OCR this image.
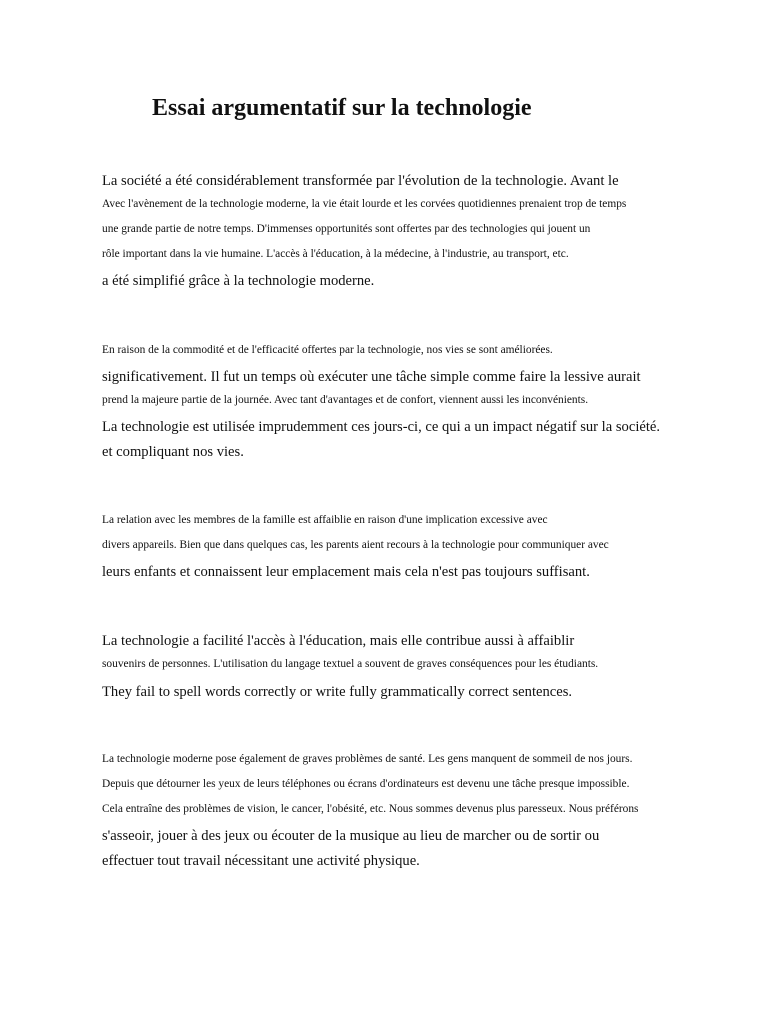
Essai argumentatif sur la technologie

La société a été considérablement transformée par l'évolution de la technologie. Avant le

Avec l'avènement de la technologie moderne, la vie était lourde et les corvées quotidiennes prenaient trop de temps

une grande partie de notre temps. D'immenses opportunités sont offertes par des technologies qui jouent un

rôle important dans la vie humaine. L'accès à l'éducation, à la médecine, à l'industrie, au transport, etc.

a été simplifié grâce à la technologie moderne.

En raison de la commodité et de l'efficacité offertes par la technologie, nos vies se sont améliorées.

significativement. Il fut un temps où exécuter une tâche simple comme faire la lessive aurait

prend la majeure partie de la journée. Avec tant d'avantages et de confort, viennent aussi les inconvénients.

La technologie est utilisée imprudemment ces jours-ci, ce qui a un impact négatif sur la société.

et compliquant nos vies.

La relation avec les membres de la famille est affaiblie en raison d'une implication excessive avec

divers appareils. Bien que dans quelques cas, les parents aient recours à la technologie pour communiquer avec

leurs enfants et connaissent leur emplacement mais cela n'est pas toujours suffisant.

La technologie a facilité l'accès à l'éducation, mais elle contribue aussi à affaiblir

souvenirs de personnes. L'utilisation du langage textuel a souvent de graves conséquences pour les étudiants.

They fail to spell words correctly or write fully grammatically correct sentences.

La technologie moderne pose également de graves problèmes de santé. Les gens manquent de sommeil de nos jours.

Depuis que détourner les yeux de leurs téléphones ou écrans d'ordinateurs est devenu une tâche presque impossible.

Cela entraîne des problèmes de vision, le cancer, l'obésité, etc. Nous sommes devenus plus paresseux. Nous préférons

s'asseoir, jouer à des jeux ou écouter de la musique au lieu de marcher ou de sortir ou

effectuer tout travail nécessitant une activité physique.
